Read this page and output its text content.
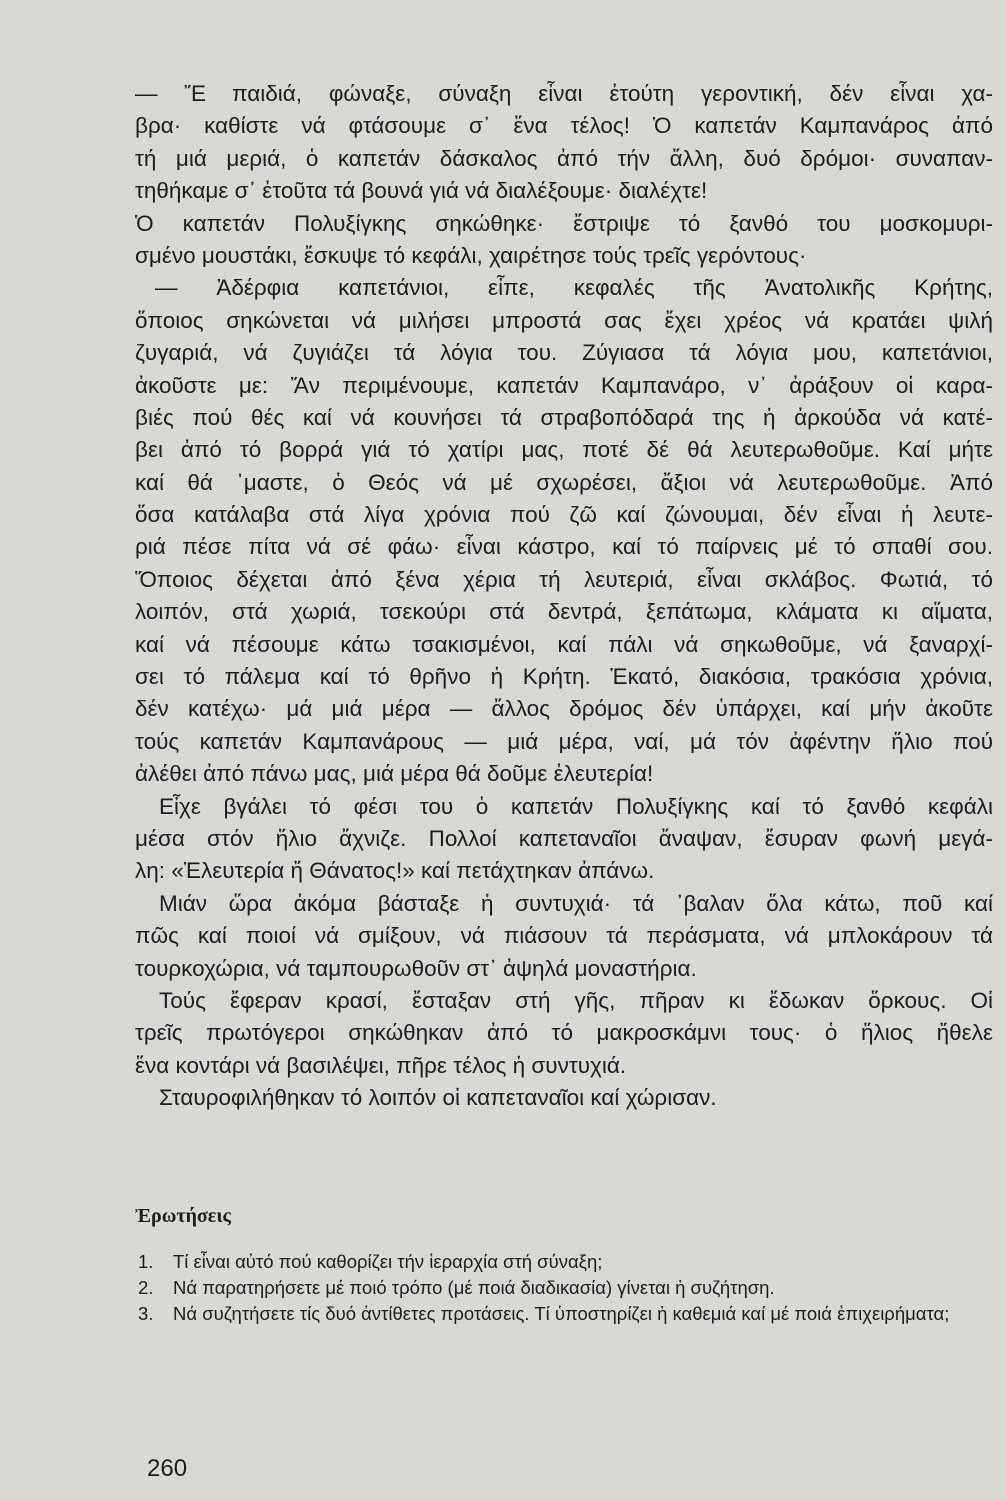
— Ἔ παιδιά, φώναξε, σύναξη εἶναι ἐτούτη γεροντική, δέν εἶναι χα-
βρα· καθίστε νά φτάσουμε σ᾽ ἕνα τέλος! Ὁ καπετάν Καμπανάρος ἀπό
τή μιά μεριά, ὁ καπετάν δάσκαλος ἀπό τήν ἄλλη, δυό δρόμοι· συναπαν-
τηθήκαμε σ᾽ ἐτοῦτα τά βουνά γιά νά διαλέξουμε· διαλέχτε!
Ὁ καπετάν Πολυξίγκης σηκώθηκε· ἔστριψε τό ξανθό του μοσκομυρι-
σμένο μουστάκι, ἔσκυψε τό κεφάλι, χαιρέτησε τούς τρεῖς γερόντους·
— Ἀδέρφια καπετάνιοι, εἶπε, κεφαλές τῆς Ἀνατολικῆς Κρήτης,
ὅποιος σηκώνεται νά μιλήσει μπροστά σας ἔχει χρέος νά κρατάει ψιλή
ζυγαριά, νά ζυγιάζει τά λόγια του. Ζύγιασα τά λόγια μου, καπετάνιοι,
ἀκοῦστε με: Ἄν περιμένουμε, καπετάν Καμπανάρο, ν᾽ ἀράξουν οἱ καρα-
βιές πού θές καί νά κουνήσει τά στραβοπόδαρά της ἡ ἀρκούδα νά κατέ-
βει ἀπό τό βορρά γιά τό χατίρι μας, ποτέ δέ θά λευτερωθοῦμε. Καί μήτε
καί θά ᾽μαστε, ὁ Θεός νά μέ σχωρέσει, ἄξιοι νά λευτερωθοῦμε. Ἀπό
ὅσα κατάλαβα στά λίγα χρόνια πού ζῶ καί ζώνουμαι, δέν εἶναι ἡ λευτε-
ριά πέσε πίτα νά σέ φάω· εἶναι κάστρο, καί τό παίρνεις μέ τό σπαθί σου.
Ὅποιος δέχεται ἀπό ξένα χέρια τή λευτεριά, εἶναι σκλάβος. Φωτιά, τό
λοιπόν, στά χωριά, τσεκούρι στά δεντρά, ξεπάτωμα, κλάματα κι αἵματα,
καί νά πέσουμε κάτω τσακισμένοι, καί πάλι νά σηκωθοῦμε, νά ξαναρχί-
σει τό πάλεμα καί τό θρῆνο ἡ Κρήτη. Ἑκατό, διακόσια, τρακόσια χρόνια,
δέν κατέχω· μά μιά μέρα — ἄλλος δρόμος δέν ὑπάρχει, καί μήν ἀκοῦτε
τούς καπετάν Καμπανάρους — μιά μέρα, ναί, μά τόν ἀφέντην ἥλιο πού
ἀλέθει ἀπό πάνω μας, μιά μέρα θά δοῦμε ἐλευτερία!
Εἶχε βγάλει τό φέσι του ὁ καπετάν Πολυξίγκης καί τό ξανθό κεφάλι
μέσα στόν ἥλιο ἄχνιζε. Πολλοί καπεταναῖοι ἄναψαν, ἔσυραν φωνή μεγά-
λη: «Ἐλευτερία ἤ Θάνατος!» καί πετάχτηκαν ἀπάνω.
Μιάν ὥρα ἀκόμα βάσταξε ἡ συντυχιά· τά ᾽βαλαν ὅλα κάτω, ποῦ καί
πῶς καί ποιοί νά σμίξουν, νά πιάσουν τά περάσματα, νά μπλοκάρουν τά
τουρκοχώρια, νά ταμπουρωθοῦν στ᾽ ἀψηλά μοναστήρια.
Τούς ἔφεραν κρασί, ἔσταξαν στή γῆς, πῆραν κι ἔδωκαν ὅρκους. Οἱ
τρεῖς πρωτόγεροι σηκώθηκαν ἀπό τό μακροσκάμνι τους· ὁ ἥλιος ἤθελε
ἕνα κοντάρι νά βασιλέψει, πῆρε τέλος ἡ συντυχιά.
Σταυροφιλήθηκαν τό λοιπόν οἱ καπεταναῖοι καί χώρισαν.
Ἐρωτήσεις
1.	Τί εἶναι αὐτό πού καθορίζει τήν ἱεραρχία στή σύναξη;
2.	Νά παρατηρήσετε μέ ποιό τρόπο (μέ ποιά διαδικασία) γίνεται ἡ συζήτηση.
3.	Νά συζητήσετε τίς δυό ἀντίθετες προτάσεις. Τί ὑποστηρίζει ἡ καθεμιά καί μέ ποιά ἐπιχειρήματα;
260
